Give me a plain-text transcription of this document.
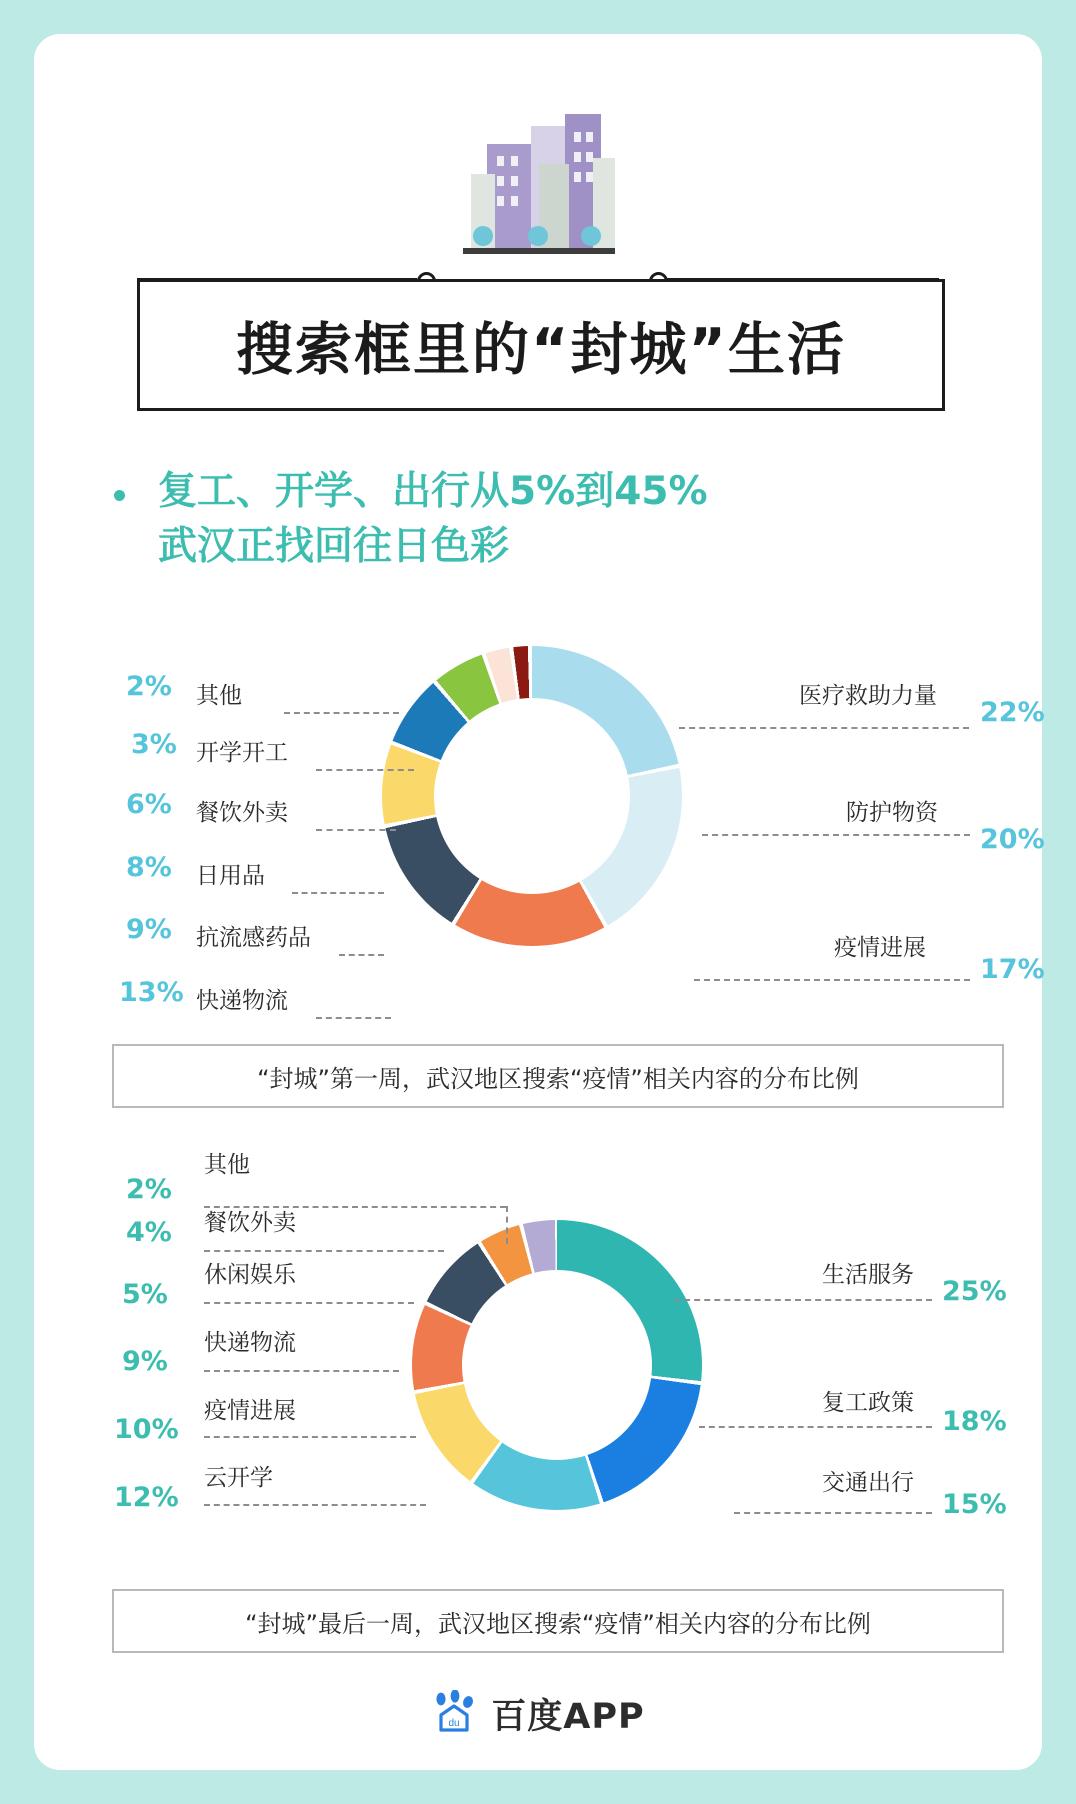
搜索框里的“封城”生活
复工、开学、出行从5%到45%
武汉正找回往日色彩
2% 其他
3% 开学开工
6% 餐饮外卖
8% 日用品
9% 抗流感药品
13% 快递物流
医疗救助力量
22%
防护物资
20%
疫情进展
17%
“封城”第一周，武汉地区搜索“疫情”相关内容的分布比例
其他
2%
餐饮外卖
4%
休闲娱乐
5%
快递物流
9%
疫情进展
10%
云开学
12%
生活服务
25%
复工政策
18%
交通出行
15%
“封城”最后一周，武汉地区搜索“疫情”相关内容的分布比例
du 百度APP
